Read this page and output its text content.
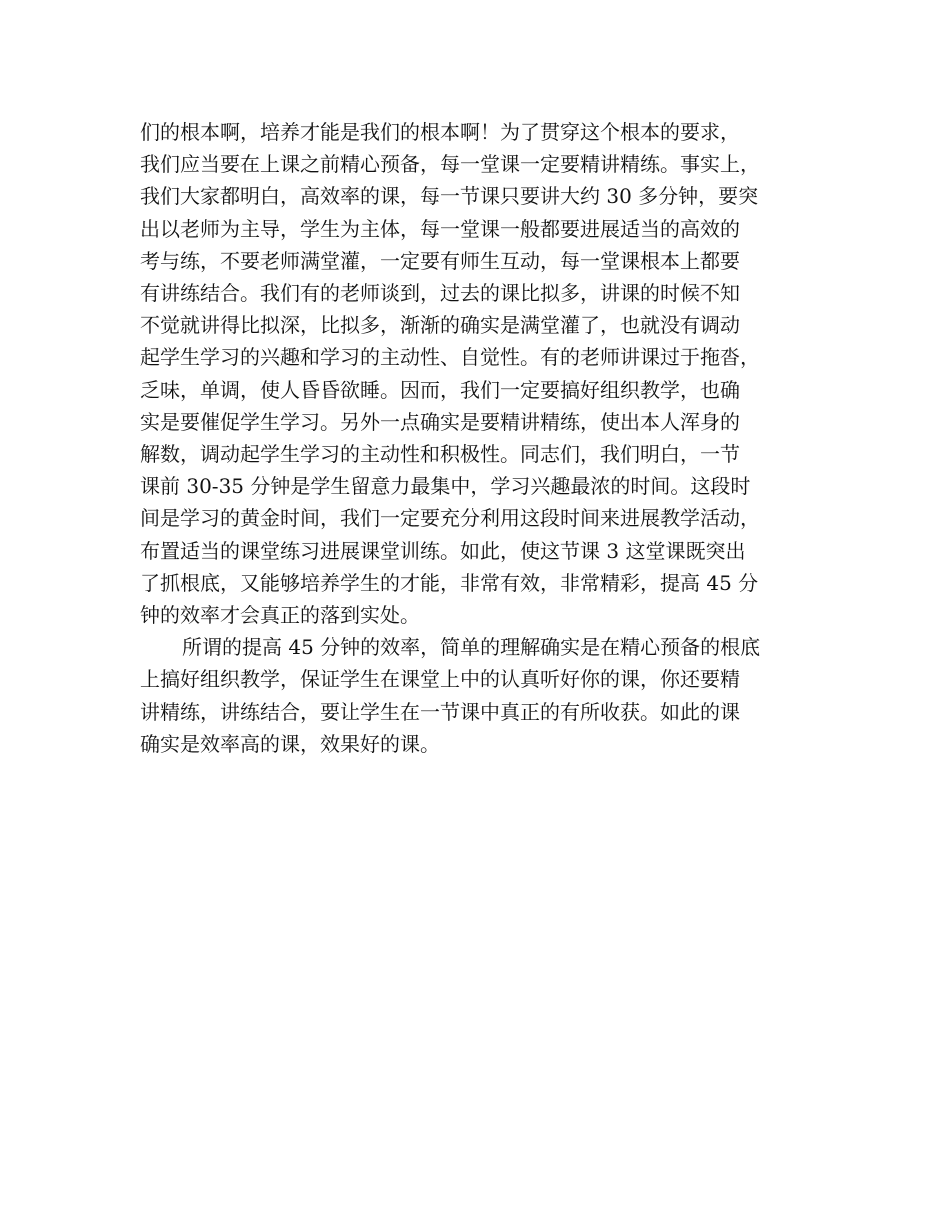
们的根本啊，培养才能是我们的根本啊！为了贯穿这个根本的要求，
我们应当要在上课之前精心预备，每一堂课一定要精讲精练。事实上，
我们大家都明白，高效率的课，每一节课只要讲大约 30 多分钟，要突
出以老师为主导，学生为主体，每一堂课一般都要进展适当的高效的
考与练，不要老师满堂灌，一定要有师生互动，每一堂课根本上都要
有讲练结合。我们有的老师谈到，过去的课比拟多，讲课的时候不知
不觉就讲得比拟深，比拟多，渐渐的确实是满堂灌了，也就没有调动
起学生学习的兴趣和学习的主动性、自觉性。有的老师讲课过于拖沓，
乏味，单调，使人昏昏欲睡。因而，我们一定要搞好组织教学，也确
实是要催促学生学习。另外一点确实是要精讲精练，使出本人浑身的
解数，调动起学生学习的主动性和积极性。同志们，我们明白，一节
课前 30-35 分钟是学生留意力最集中，学习兴趣最浓的时间。这段时
间是学习的黄金时间，我们一定要充分利用这段时间来进展教学活动，
布置适当的课堂练习进展课堂训练。如此，使这节课 3 这堂课既突出
了抓根底，又能够培养学生的才能，非常有效，非常精彩，提高 45 分
钟的效率才会真正的落到实处。

所谓的提高 45 分钟的效率，简单的理解确实是在精心预备的根底
上搞好组织教学，保证学生在课堂上中的认真听好你的课，你还要精
讲精练，讲练结合，要让学生在一节课中真正的有所收获。如此的课
确实是效率高的课，效果好的课。
